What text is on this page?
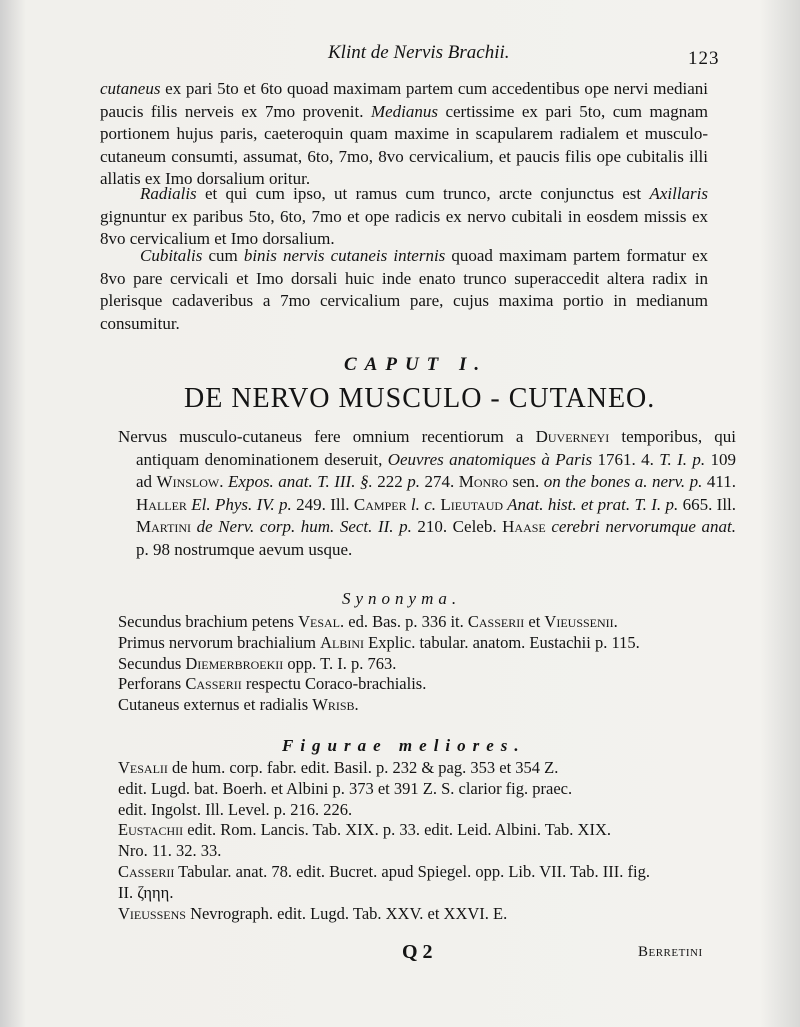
Klint de Nervis Brachii.	123
cutaneus ex pari 5to et 6to quoad maximam partem cum accedentibus ope nervi mediani paucis filis nerveis ex 7mo provenit. Medianus certissime ex pari 5to, cum magnam portionem hujus paris, caeteroquin quam maxime in scapularem radialem et musculo-cutaneum consumti, assumat, 6to, 7mo, 8vo cervicalium, et paucis filis ope cubitalis illi allatis ex Imo dorsalium oritur.
Radialis et qui cum ipso, ut ramus cum trunco, arcte conjunctus est Axillaris gignuntur ex paribus 5to, 6to, 7mo et ope radicis ex nervo cubitali in eosdem missis ex 8vo cervicalium et Imo dorsalium.
Cubitalis cum binis nervis cutaneis internis quoad maximam partem formatur ex 8vo pare cervicali et Imo dorsali huic inde enato trunco superaccedit altera radix in plerisque cadaveribus a 7mo cervicalium pare, cujus maxima portio in medianum consumitur.
CAPUT I.
DE NERVO MUSCULO - CUTANEO.
Nervus musculo-cutaneus fere omnium recentiorum a Duverneyi temporibus, qui antiquam denominationem deseruit, Oeuvres anatomiques à Paris 1761. 4. T. I. p. 109 ad Winslow. Expos. anat. T. III. §. 222 p. 274. Monro sen. on the bones a. nerv. p. 411. Haller El. Phys. IV. p. 249. Ill. Camper l. c. Lieutaud Anat. hist. et prat. T. I. p. 665. Ill. Martini de Nerv. corp. hum. Sect. II. p. 210. Celeb. Haase cerebri nervorumque anat. p. 98 nostrumque aevum usque.
Synonyma.
Secundus brachium petens Vesal. ed. Bas. p. 336 it. Casserii et Vieussenii.
Primus nervorum brachialium Albini Explic. tabular. anatom. Eustachii p. 115.
Secundus Diemerbroekii opp. T. I. p. 763.
Perforans Casserii respectu Coraco-brachialis.
Cutaneus externus et radialis Wrisb.
Figurae meliores.
Vesalii de hum. corp. fabr. edit. Basil. p. 232 & pag. 353 et 354 Z.
edit. Lugd. bat. Boerh. et Albini p. 373 et 391 Z. S. clarior fig. praec.
edit. Ingolst. Ill. Level. p. 216. 226.
Eustachii edit. Rom. Lancis. Tab. XIX. p. 33. edit. Leid. Albini. Tab. XIX.
Nro. 11. 32. 33.
Casserii Tabular. anat. 78. edit. Bucret. apud Spiegel. opp. Lib. VII. Tab. III. fig.
II. ζηηη.
Vieussens Nevrograph. edit. Lugd. Tab. XXV. et XXVI. E.
Q 2	Berretini
